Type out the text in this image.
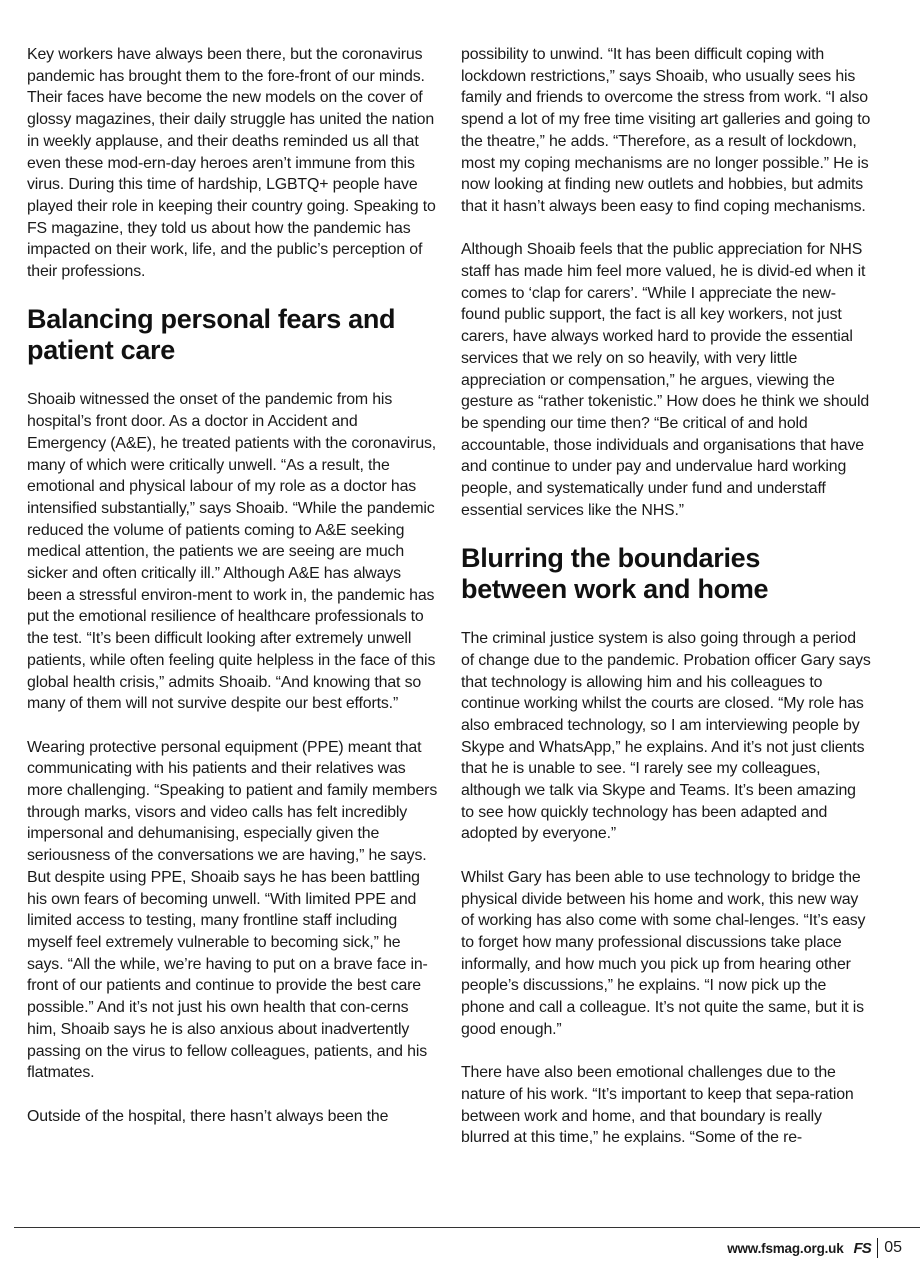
Key workers have always been there, but the coronavirus pandemic has brought them to the fore-front of our minds. Their faces have become the new models on the cover of glossy magazines, their daily struggle has united the nation in weekly applause, and their deaths reminded us all that even these mod-ern-day heroes aren’t immune from this virus. During this time of hardship, LGBTQ+ people have played their role in keeping their country going. Speaking to FS magazine, they told us about how the pandemic has impacted on their work, life, and the public’s perception of their professions.

Balancing personal fears and patient care

Shoaib witnessed the onset of the pandemic from his hospital’s front door. As a doctor in Accident and Emergency (A&E), he treated patients with the coronavirus, many of which were critically unwell. “As a result, the emotional and physical labour of my role as a doctor has intensified substantially,” says Shoaib. “While the pandemic reduced the volume of patients coming to A&E seeking medical attention, the patients we are seeing are much sicker and often critically ill.” Although A&E has always been a stressful environ-ment to work in, the pandemic has put the emotional resilience of healthcare professionals to the test. “It’s been difficult looking after extremely unwell patients, while often feeling quite helpless in the face of this global health crisis,” admits Shoaib. “And knowing that so many of them will not survive despite our best efforts.”

Wearing protective personal equipment (PPE) meant that communicating with his patients and their relatives was more challenging. “Speaking to patient and family members through marks, visors and video calls has felt incredibly impersonal and dehumanising, especially given the seriousness of the conversations we are having,” he says. But despite using PPE, Shoaib says he has been battling his own fears of becoming unwell. “With limited PPE and limited access to testing, many frontline staff including myself feel extremely vulnerable to becoming sick,” he says. “All the while, we’re having to put on a brave face in-front of our patients and continue to provide the best care possible.” And it’s not just his own health that con-cerns him, Shoaib says he is also anxious about inadvertently passing on the virus to fellow colleagues, patients, and his flatmates.

Outside of the hospital, there hasn’t always been the

possibility to unwind. “It has been difficult coping with lockdown restrictions,” says Shoaib, who usually sees his family and friends to overcome the stress from work. “I also spend a lot of my free time visiting art galleries and going to the theatre,” he adds. “Therefore, as a result of lockdown, most my coping mechanisms are no longer possible.” He is now looking at finding new outlets and hobbies, but admits that it hasn’t always been easy to find coping mechanisms.

Although Shoaib feels that the public appreciation for NHS staff has made him feel more valued, he is divid-ed when it comes to ‘clap for carers’. “While I appreciate the new-found public support, the fact is all key workers, not just carers, have always worked hard to provide the essential services that we rely on so heavily, with very little appreciation or compensation,” he argues, viewing the gesture as “rather tokenistic.” How does he think we should be spending our time then? “Be critical of and hold accountable, those individuals and organisations that have and continue to under pay and undervalue hard working people, and systematically under fund and understaff essential services like the NHS.”

Blurring the boundaries between work and home

The criminal justice system is also going through a period of change due to the pandemic. Probation officer Gary says that technology is allowing him and his colleagues to continue working whilst the courts are closed. “My role has also embraced technology, so I am interviewing people by Skype and WhatsApp,” he explains. And it’s not just clients that he is unable to see. “I rarely see my colleagues, although we talk via Skype and Teams. It’s been amazing to see how quickly technology has been adapted and adopted by everyone.”

Whilst Gary has been able to use technology to bridge the physical divide between his home and work, this new way of working has also come with some chal-lenges. “It’s easy to forget how many professional discussions take place informally, and how much you pick up from hearing other people’s discussions,” he explains. “I now pick up the phone and call a colleague. It’s not quite the same, but it is good enough.”

There have also been emotional challenges due to the nature of his work. “It’s important to keep that sepa-ration between work and home, and that boundary is really blurred at this time,” he explains. “Some of the re-

www.fsmag.org.uk FS 05
